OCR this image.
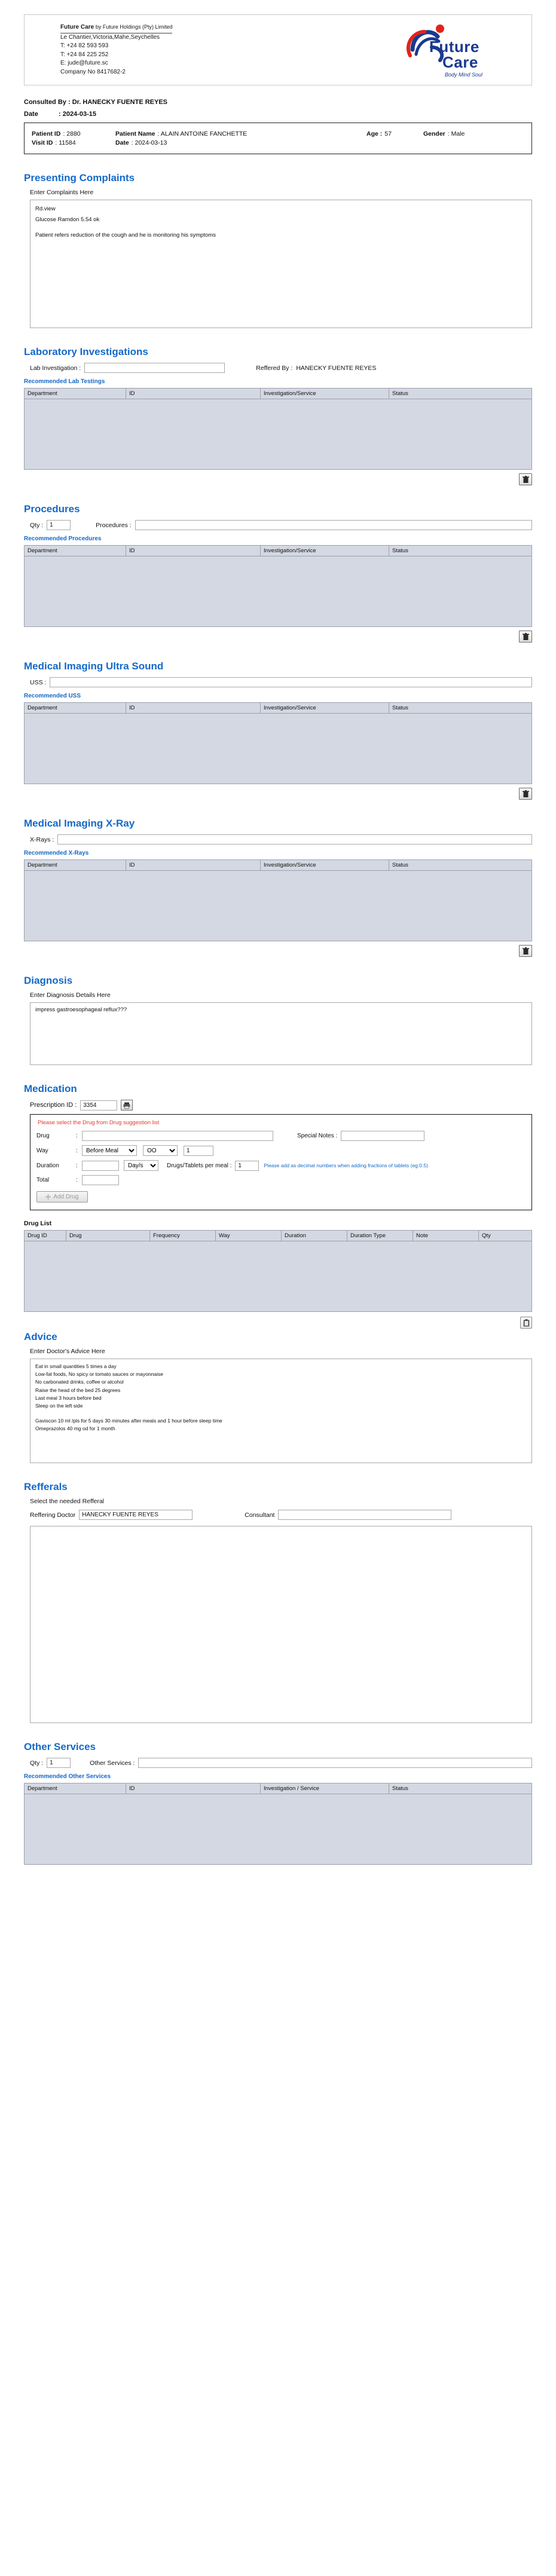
Future Care by Future Holdings (Pty) Limited
Le Chantier,Victoria,Mahe,Seychelles
T: +24 82 593 593
T: +24 84 225 252
E: jude@future.sc
Company No 8417682-2
Future
Care
Body Mind Soul
Consulted By : Dr. HANECKY FUENTE REYES
Date	: 2024-03-15
Patient ID : 2880	Patient Name : ALAIN ANTOINE FANCHETTE	Age : 57	Gender : Male
Visit ID : 11584	Date : 2024-03-13
Presenting Complaints
Enter Complaints Here
Rd.view
Glucose Ramdon 5.54 ok
Patient refers reduction of the cough and he is monitoring his symptoms
Laboratory Investigations
Lab Investigation :	Reffered By : HANECKY FUENTE REYES
Recommended Lab Testings
Department	ID	Investigation/Service	Status
Procedures
Qty :
1	Procedures :
Recommended Procedures
Department	ID	Investigation/Service	Status
Medical Imaging Ultra Sound
USS :
Recommended USS
Department	ID	Investigation/Service	Status
Medical Imaging X-Ray
X-Rays :
Recommended X-Rays
Department	ID	Investigation/Service	Status
Diagnosis
Enter Diagnosis Details Here
impress gastroesophageal reflux???
Medication
Prescription ID :
3354
Please select the Drug from Drug suggestion list
Drug	:	Special Notes :
Way	:
Before Meal
OO
1
Duration	:
Day/s	Drugs/Tablets per meal :
1	Please add as decimal numbers when adding fractions of tablets (eg:0.5)
Total	:
Add Drug
Drug List
Drug ID	Drug	Frequency	Way	Duration	Duration Type	Note	Qty
Advice
Enter Doctor's Advice Here
Eat in small quantities 5 times a day
Low-fat foods, No spicy or tomato sauces or mayonnaise
No carbonated drinks, coffee or alcohol
Raise the head of the bed 25 degrees
Last meal 3 hours before bed
Sleep on the left side
Gaviscon 10 ml /pls for 5 days 30 minutes after meals and 1 hour before sleep time
Omeprazolos 40 mg od for 1 month
Refferals
Select the needed Refferal
Reffering Doctor
HANECKY FUENTE REYES	Consultant
Other Services
Qty :
1	Other Services :
Recommended Other Services
Department	ID	Investigation / Service	Status
